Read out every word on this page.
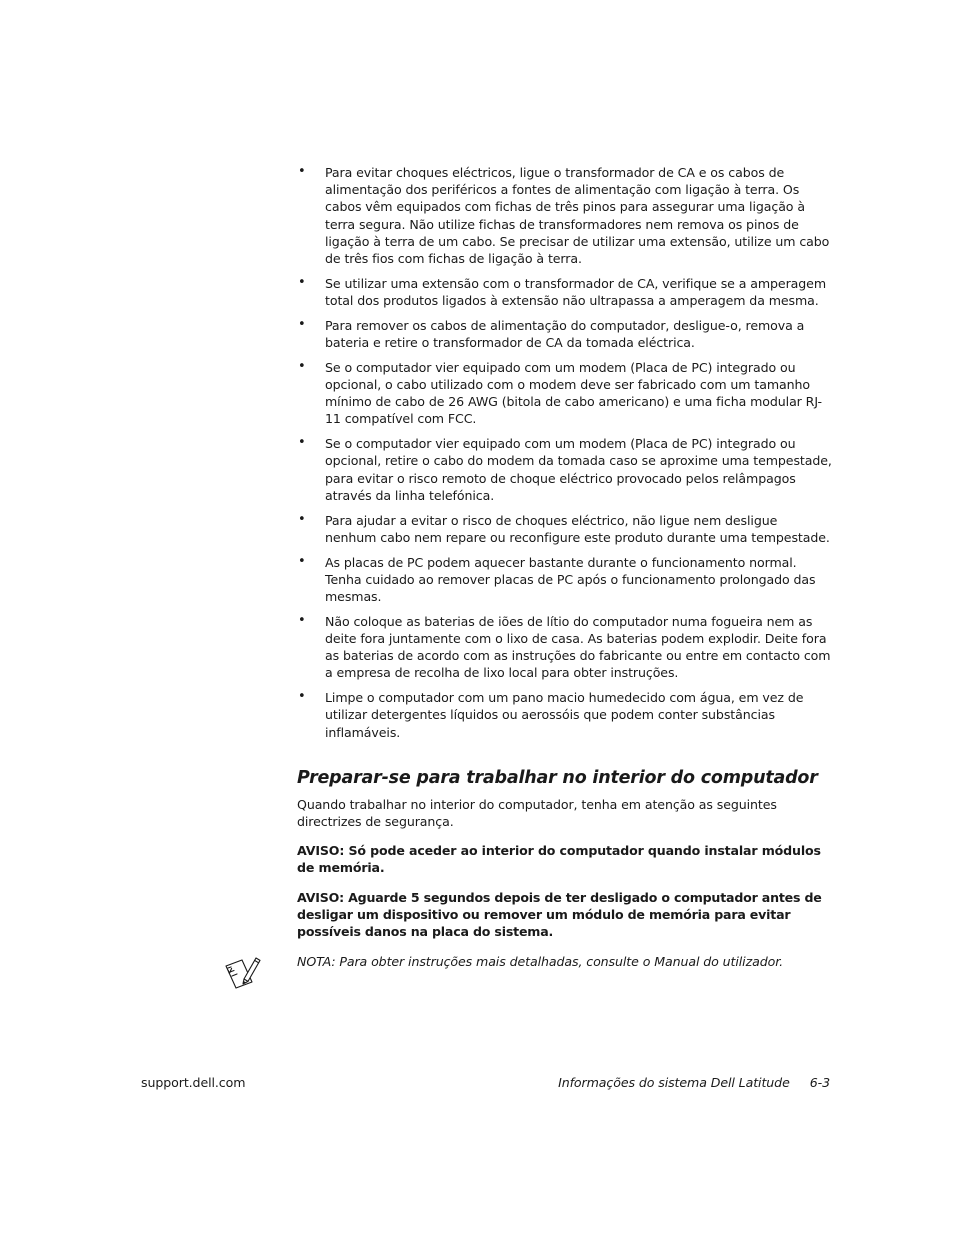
• Para evitar choques eléctricos, ligue o transformador de CA e os cabos de alimentação dos periféricos a fontes de alimentação com ligação à terra. Os cabos vêm equipados com fichas de três pinos para assegurar uma ligação à terra segura. Não utilize fichas de transformadores nem remova os pinos de ligação à terra de um cabo. Se precisar de utilizar uma extensão, utilize um cabo de três fios com fichas de ligação à terra.
• Se utilizar uma extensão com o transformador de CA, verifique se a amperagem total dos produtos ligados à extensão não ultrapassa a amperagem da mesma.
• Para remover os cabos de alimentação do computador, desligue-o, remova a bateria e retire o transformador de CA da tomada eléctrica.
• Se o computador vier equipado com um modem (Placa de PC) integrado ou opcional, o cabo utilizado com o modem deve ser fabricado com um tamanho mínimo de cabo de 26 AWG (bitola de cabo americano) e uma ficha modular RJ-11 compatível com FCC.
• Se o computador vier equipado com um modem (Placa de PC) integrado ou opcional, retire o cabo do modem da tomada caso se aproxime uma tempestade, para evitar o risco remoto de choque eléctrico provocado pelos relâmpagos através da linha telefónica.
• Para ajudar a evitar o risco de choques eléctrico, não ligue nem desligue nenhum cabo nem repare ou reconfigure este produto durante uma tempestade.
• As placas de PC podem aquecer bastante durante o funcionamento normal. Tenha cuidado ao remover placas de PC após o funcionamento prolongado das mesmas.
• Não coloque as baterias de iões de lítio do computador numa fogueira nem as deite fora juntamente com o lixo de casa. As baterias podem explodir. Deite fora as baterias de acordo com as instruções do fabricante ou entre em contacto com a empresa de recolha de lixo local para obter instruções.
• Limpe o computador com um pano macio humedecido com água, em vez de utilizar detergentes líquidos ou aerossóis que podem conter substâncias inflamáveis.
Preparar-se para trabalhar no interior do computador

Quando trabalhar no interior do computador, tenha em atenção as seguintes directrizes de segurança.

AVISO: Só pode aceder ao interior do computador quando instalar módulos de memória.

AVISO: Aguarde 5 segundos depois de ter desligado o computador antes de desligar um dispositivo ou remover um módulo de memória para evitar possíveis danos na placa do sistema.

NOTA: Para obter instruções mais detalhadas, consulte o Manual do utilizador.

support.dell.com	Informações do sistema Dell Latitude 6-3
